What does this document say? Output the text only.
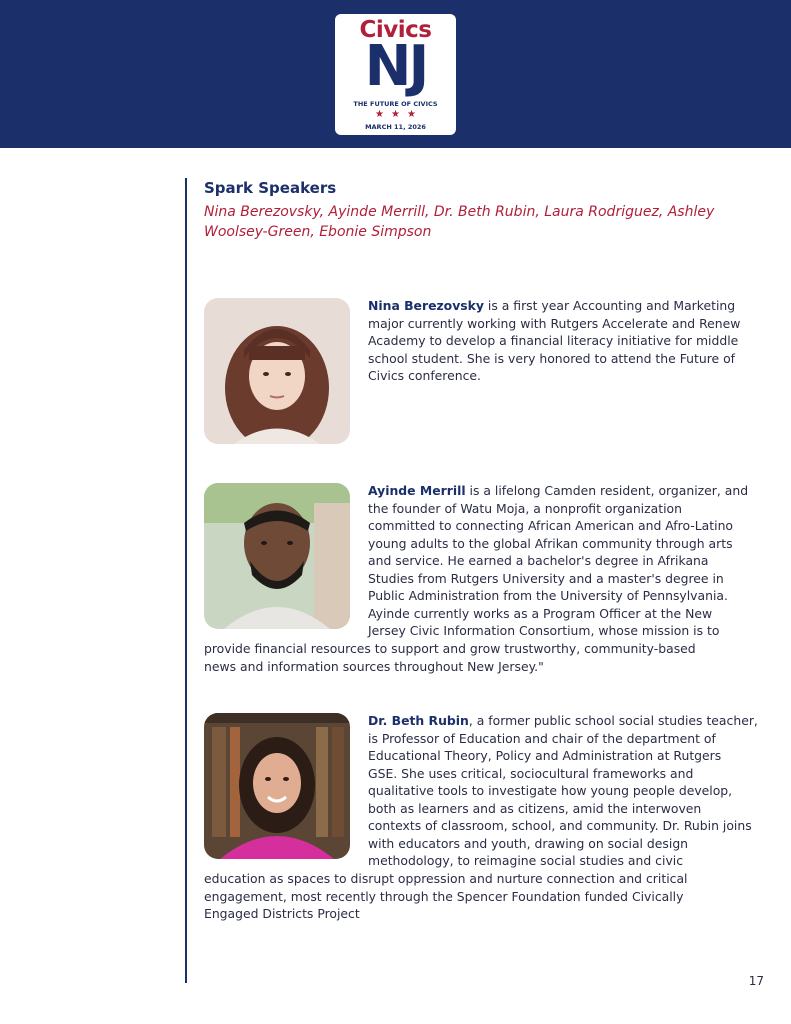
Civics
NJ
THE FUTURE OF CIVICS
★★★
MARCH 11, 2026
Spark Speakers
Nina Berezovsky, Ayinde Merrill, Dr. Beth Rubin, Laura Rodriguez, Ashley Woolsey-Green, Ebonie Simpson
Nina Berezovsky is a first year Accounting and Marketing
major currently working with Rutgers Accelerate and Renew
Academy to develop a financial literacy initiative for middle
school student. She is very honored to attend the Future of
Civics conference.
Ayinde Merrill is a lifelong Camden resident, organizer, and
the founder of Watu Moja, a nonprofit organization
committed to connecting African American and Afro-Latino
young adults to the global Afrikan community through arts
and service. He earned a bachelor's degree in Afrikana
Studies from Rutgers University and a master's degree in
Public Administration from the University of Pennsylvania.
Ayinde currently works as a Program Officer at the New
Jersey Civic Information Consortium, whose mission is to
provide financial resources to support and grow trustworthy, community-based
news and information sources throughout New Jersey."
Dr. Beth Rubin, a former public school social studies teacher,
is Professor of Education and chair of the department of
Educational Theory, Policy and Administration at Rutgers
GSE. She uses critical, sociocultural frameworks and
qualitative tools to investigate how young people develop,
both as learners and as citizens, amid the interwoven
contexts of classroom, school, and community. Dr. Rubin joins
with educators and youth, drawing on social design
methodology, to reimagine social studies and civic
education as spaces to disrupt oppression and nurture connection and critical
engagement, most recently through the Spencer Foundation funded Civically
Engaged Districts Project
17
